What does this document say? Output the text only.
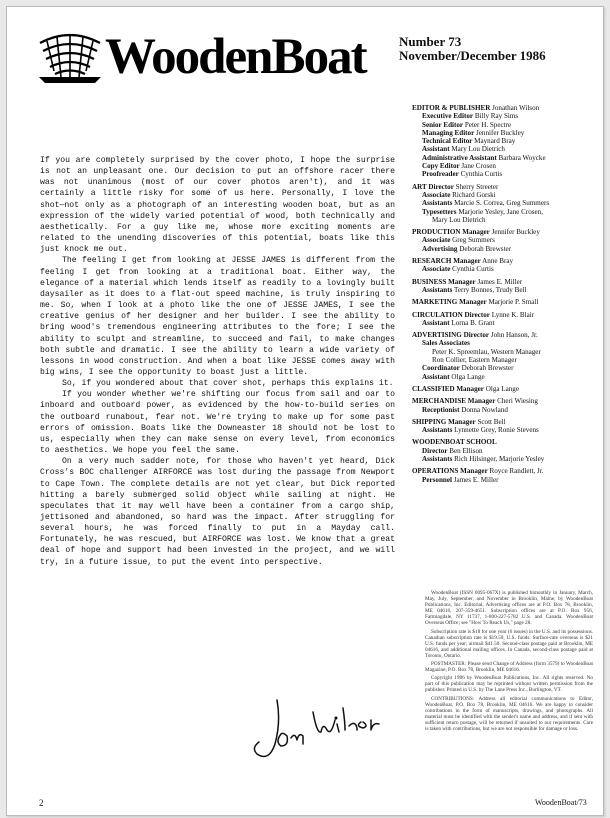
WoodenBoat	Number 73
November/December 1986

If you are completely surprised by the cover photo, I hope the surprise is not an unpleasant one. Our decision to put an offshore racer there was not unanimous (most of our cover photos aren't), and it was certainly a little risky for some of us here. Personally, I love the shot—not only as a photograph of an interesting wooden boat, but as an expression of the widely varied potential of wood, both technically and aesthetically. For a guy like me, whose more exciting moments are related to the unending discoveries of this potential, boats like this just knock me out.

The feeling I get from looking at JESSE JAMES is different from the feeling I get from looking at a traditional boat. Either way, the elegance of a material which lends itself as readily to a lovingly built daysailer as it does to a flat-out speed machine, is truly inspiring to me. So, when I look at a photo like the one of JESSE JAMES, I see the creative genius of her designer and her builder. I see the ability to bring wood's tremendous engineering attributes to the fore; I see the ability to sculpt and streamline, to succeed and fail, to make changes both subtle and dramatic. I see the ability to learn a wide variety of lessons in wood construction. And when a boat like JESSE comes away with big wins, I see the opportunity to boast just a little.

So, if you wondered about that cover shot, perhaps this explains it.

If you wonder whether we're shifting our focus from sail and oar to inboard and outboard power, as evidenced by the how-to-build series on the outboard runabout, fear not. We're trying to make up for some past errors of omission. Boats like the Downeaster 18 should not be lost to us, especially when they can make sense on every level, from economics to aesthetics. We hope you feel the same.

On a very much sadder note, for those who haven't yet heard, Dick Cross's BOC challenger AIRFORCE was lost during the passage from Newport to Cape Town. The complete details are not yet clear, but Dick reported hitting a barely submerged solid object while sailing at night. He speculates that it may well have been a container from a cargo ship, jettisoned and abandoned, so hard was the impact. After struggling for several hours, he was forced finally to put in a Mayday call. Fortunately, he was rescued, but AIRFORCE was lost. We know that a great deal of hope and support had been invested in the project, and we will try, in a future issue, to put the event into perspective.

EDITOR & PUBLISHER Jonathan Wilson
Executive Editor Billy Ray Sims
Senior Editor Peter H. Spectre
Managing Editor Jennifer Buckley
Technical Editor Maynard Bray
Assistant Mary Lou Dietrich
Administrative Assistant Barbara Woycke
Copy Editor Jane Crosen
Proofreader Cynthia Curtis
ART Director Sherry Streeter
Associate Richard Gorski
Assistants Marcie S. Correa, Greg Summers
Typesetters Marjorie Yesley, Jane Crosen,
Mary Lou Dietrich
PRODUCTION Manager Jennifer Buckley
Associate Greg Summers
Advertising Deborah Brewster
RESEARCH Manager Anne Bray
Associate Cynthia Curtis
BUSINESS Manager James E. Miller
Assistants Terry Bonnes, Trudy Bell
MARKETING Manager Marjorie P. Small
CIRCULATION Director Lynne K. Blair
Assistant Lorna B. Grant
ADVERTISING Director John Hanson, Jr.
Sales Associates
Peter K. Spreemlau, Western Manager
Ron Collier, Eastern Manager
Coordinator Deborah Brewster
Assistant Olga Lange
CLASSIFIED Manager Olga Lange
MERCHANDISE Manager Cheri Wiesing
Receptionist Donna Nowland
SHIPPING Manager Scott Bell
Assistants Lynnette Grey, Ronie Stevens
WOODENBOAT SCHOOL
Director Ben Ellison
Assistants Rich Hilsinger, Marjorie Yesley
OPERATIONS Manager Royce Randlett, Jr.
Personnel James E. Miller

WoodenBoat (ISSN 0095-067X) is published bimonthly in January, March, May, July, September, and November in Brooklin, Maine, by WoodenBoat Publications, Inc. Editorial, Advertising offices are at P.O. Box 78, Brooklin, ME 04616, 207-359-4651. Subscription offices are at P.O. Box 956, Farmingdale, NY 11737, 1-800-227-5782 U.S. and Canada. WoodenBoat Overseas Office; see "How To Reach Us," page 28.

Subscription rate is $18 for one year (6 issues) in the U.S. and its possessions. Canadian subscription rate is $19.50, U.S. funds. Surface-rate overseas is $21 U.S. funds per year; airmail $41.50. Second-class postage paid at Brooklin, ME 04616, and additional mailing offices. In Canada, second-class postage paid at Toronto, Ontario.

POSTMASTER: Please send Change of Address (form 3579) to WoodenBoat Magazine, P.O. Box 78, Brooklin, ME 04616.

Copyright 1986 by WoodenBoat Publications, Inc. All rights reserved. No part of this publication may be reprinted without written permission from the publisher. Printed in U.S. by The Lane Press Inc., Burlington, VT.

CONTRIBUTIONS: Address all editorial communications to Editor, WoodenBoat, P.O. Box 78, Brooklin, ME 04616. We are happy to consider contributions in the form of manuscripts, drawings, and photographs. All material must be identified with the sender's name and address, and if sent with sufficient return postage, will be returned if unsuited to our requirements. Care is taken with contributions, but we are not responsible for damage or loss.

2	WoodenBoat/73
